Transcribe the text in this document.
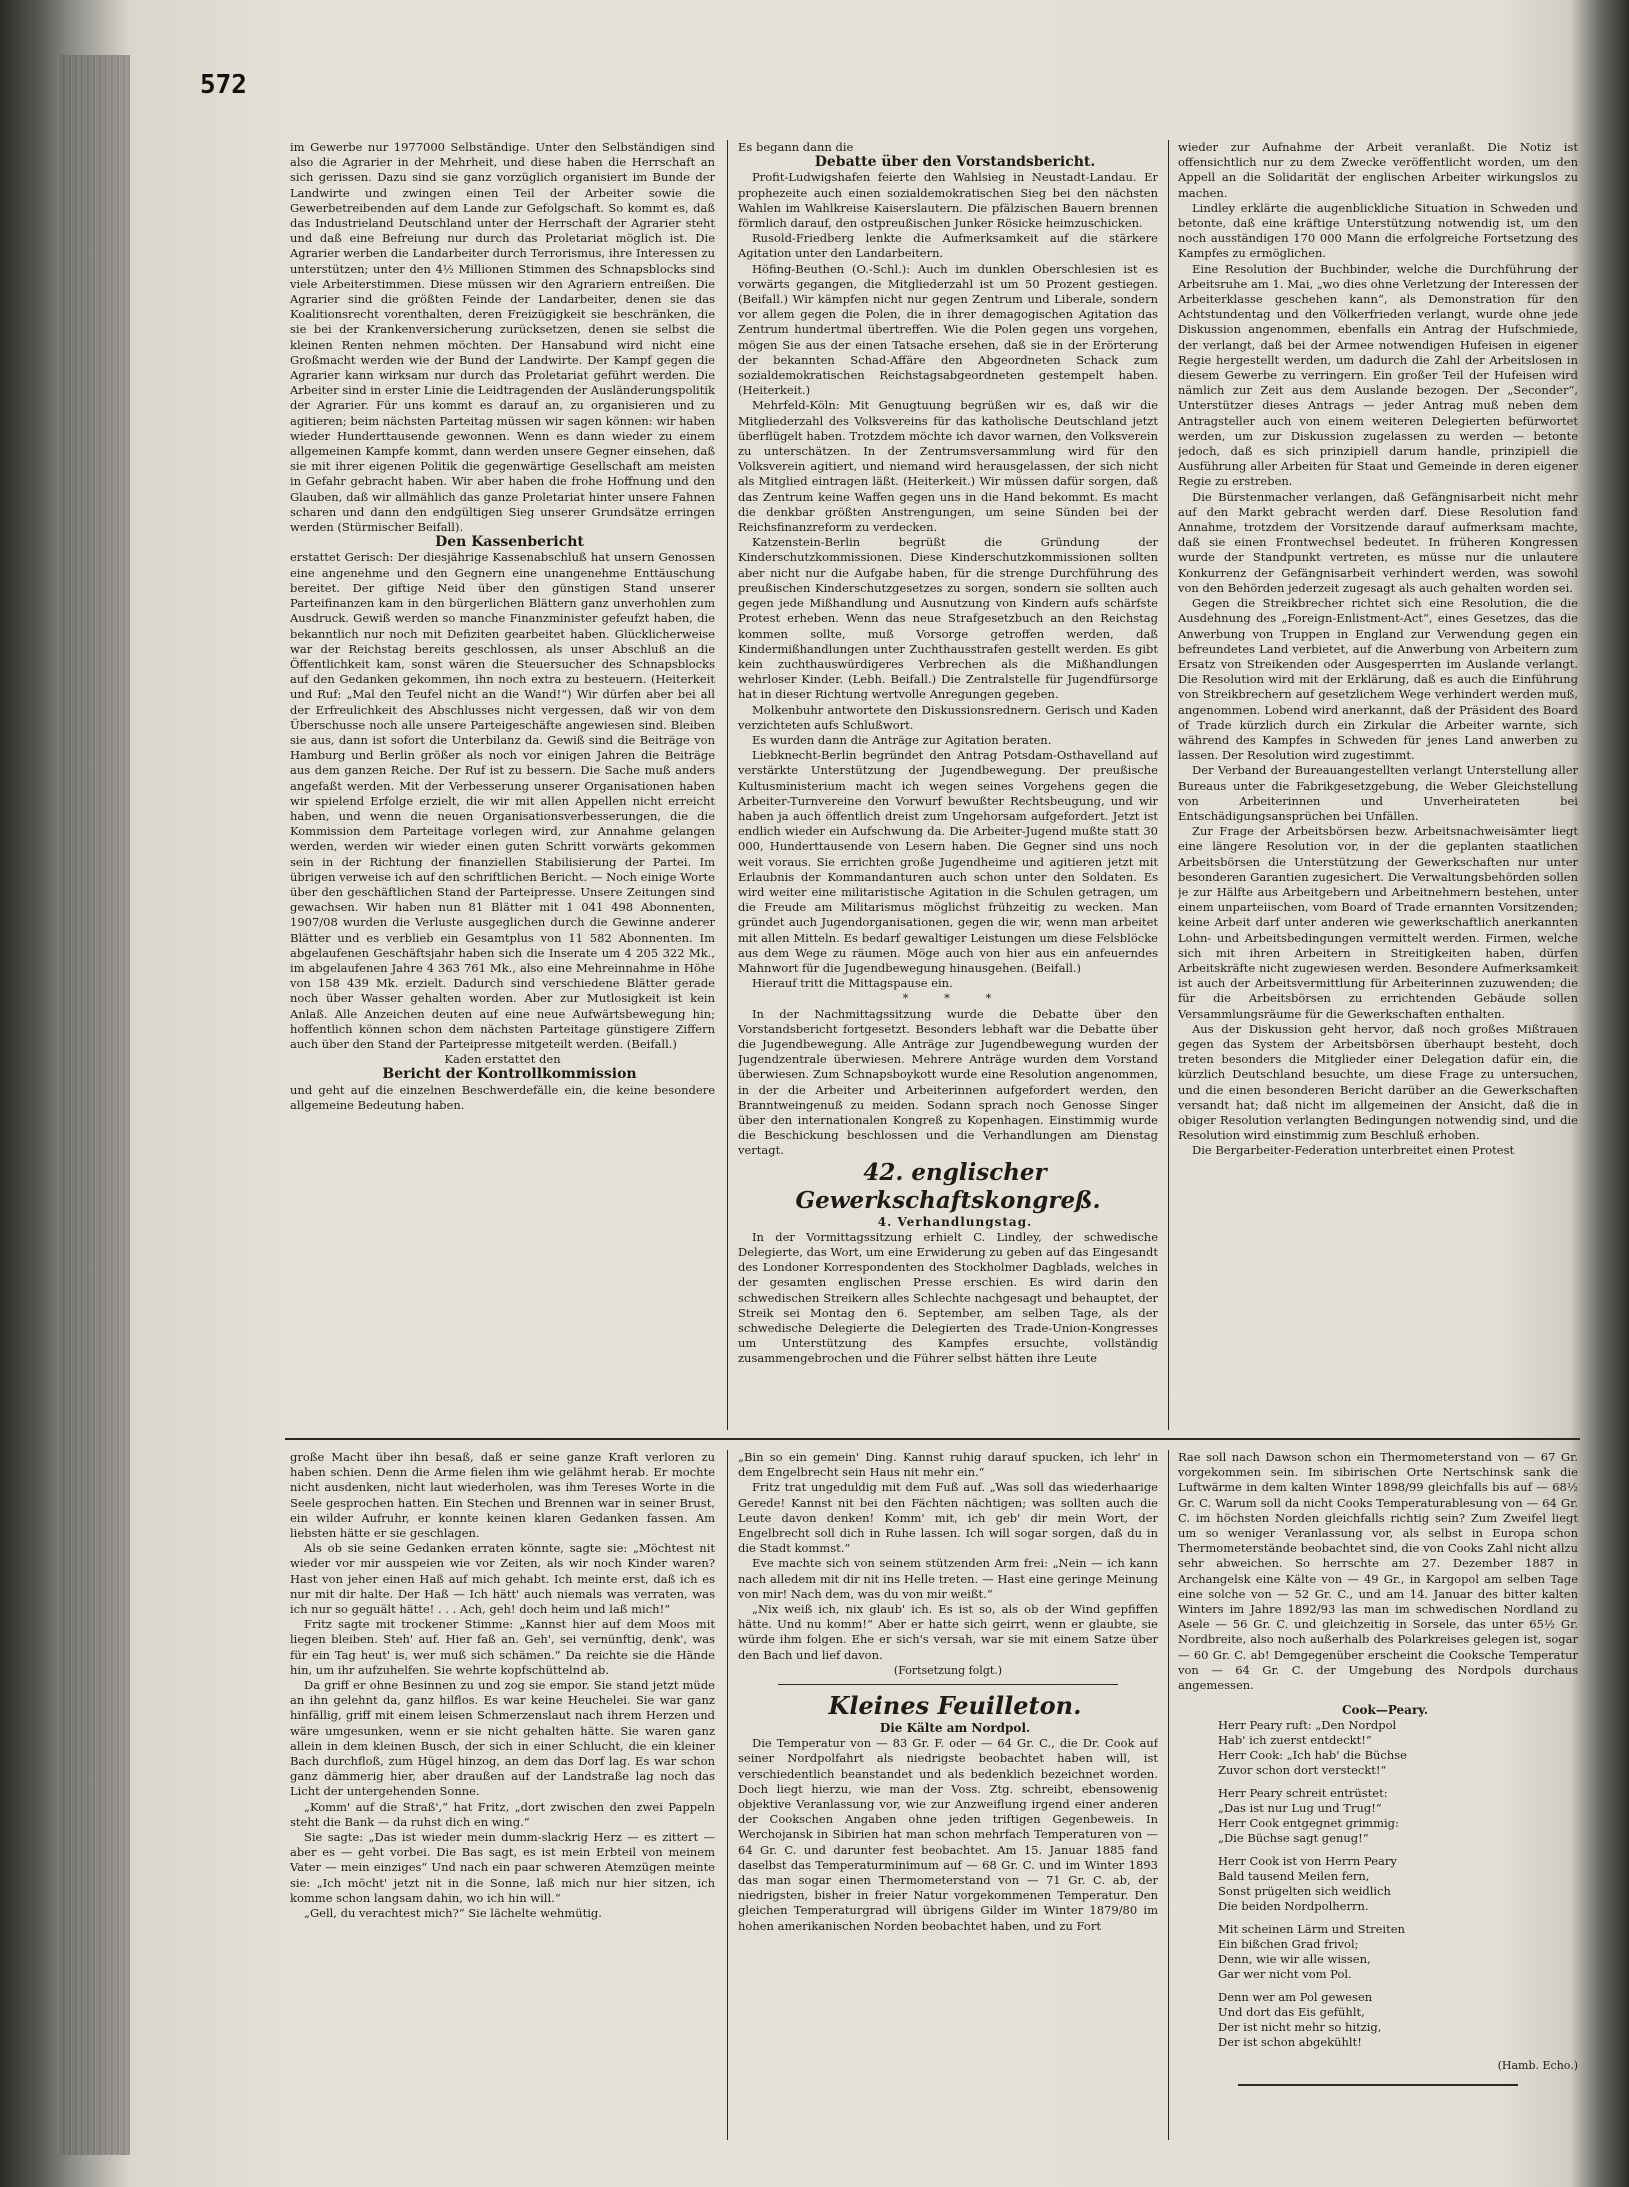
572

im Gewerbe nur 1977000 Selbständige. Unter den Selbständigen sind also die Agrarier in der Mehrheit, und diese haben die Herrschaft an sich gerissen. Dazu sind sie ganz vorzüglich organisiert im Bunde der Landwirte und zwingen einen Teil der Arbeiter sowie die Gewerbetreibenden auf dem Lande zur Gefolgschaft. So kommt es, daß das Industrieland Deutschland unter der Herrschaft der Agrarier steht und daß eine Befreiung nur durch das Proletariat möglich ist. Die Agrarier werben die Landarbeiter durch Terrorismus, ihre Interessen zu unterstützen; unter den 4½ Millionen Stimmen des Schnapsblocks sind viele Arbeiterstimmen. Diese müssen wir den Agrariern entreißen. Die Agrarier sind die größten Feinde der Landarbeiter, denen sie das Koalitionsrecht vorenthalten, deren Freizügigkeit sie beschränken, die sie bei der Krankenversicherung zurücksetzen, denen sie selbst die kleinen Renten nehmen möchten. Der Hansabund wird nicht eine Großmacht werden wie der Bund der Landwirte. Der Kampf gegen die Agrarier kann wirksam nur durch das Proletariat geführt werden. Die Arbeiter sind in erster Linie die Leidtragenden der Ausländerungspolitik der Agrarier. Für uns kommt es darauf an, zu organisieren und zu agitieren; beim nächsten Parteitag müssen wir sagen können: wir haben wieder Hunderttausende gewonnen. Wenn es dann wieder zu einem allgemeinen Kampfe kommt, dann werden unsere Gegner einsehen, daß sie mit ihrer eigenen Politik die gegenwärtige Gesellschaft am meisten in Gefahr gebracht haben. Wir aber haben die frohe Hoffnung und den Glauben, daß wir allmählich das ganze Proletariat hinter unsere Fahnen scharen und dann den endgültigen Sieg unserer Grundsätze erringen werden (Stürmischer Beifall).

Den Kassenbericht

erstattet Gerisch: Der diesjährige Kassenabschluß hat unsern Genossen eine angenehme und den Gegnern eine unangenehme Enttäuschung bereitet. Der giftige Neid über den günstigen Stand unserer Parteifinanzen kam in den bürgerlichen Blättern ganz unverhohlen zum Ausdruck. Gewiß werden so manche Finanzminister gefeufzt haben, die bekanntlich nur noch mit Defiziten gearbeitet haben. Glücklicherweise war der Reichstag bereits geschlossen, als unser Abschluß an die Öffentlichkeit kam, sonst wären die Steuersucher des Schnapsblocks auf den Gedanken gekommen, ihn noch extra zu besteuern. (Heiterkeit und Ruf: „Mal den Teufel nicht an die Wand!“) Wir dürfen aber bei all der Erfreulichkeit des Abschlusses nicht vergessen, daß wir von dem Überschusse noch alle unsere Parteigeschäfte angewiesen sind. Bleiben sie aus, dann ist sofort die Unterbilanz da. Gewiß sind die Beiträge von Hamburg und Berlin größer als noch vor einigen Jahren die Beiträge aus dem ganzen Reiche. Der Ruf ist zu bessern. Die Sache muß anders angefaßt werden. Mit der Verbesserung unserer Organisationen haben wir spielend Erfolge erzielt, die wir mit allen Appellen nicht erreicht haben, und wenn die neuen Organisationsverbesserungen, die die Kommission dem Parteitage vorlegen wird, zur Annahme gelangen werden, werden wir wieder einen guten Schritt vorwärts gekommen sein in der Richtung der finanziellen Stabilisierung der Partei. Im übrigen verweise ich auf den schriftlichen Bericht. — Noch einige Worte über den geschäftlichen Stand der Parteipresse. Unsere Zeitungen sind gewachsen. Wir haben nun 81 Blätter mit 1 041 498 Abonnenten, 1907/08 wurden die Verluste ausgeglichen durch die Gewinne anderer Blätter und es verblieb ein Gesamtplus von 11 582 Abonnenten. Im abgelaufenen Geschäftsjahr haben sich die Inserate um 4 205 322 Mk., im abgelaufenen Jahre 4 363 761 Mk., also eine Mehreinnahme in Höhe von 158 439 Mk. erzielt. Dadurch sind verschiedene Blätter gerade noch über Wasser gehalten worden. Aber zur Mutlosigkeit ist kein Anlaß. Alle Anzeichen deuten auf eine neue Aufwärtsbewegung hin; hoffentlich können schon dem nächsten Parteitage günstigere Ziffern auch über den Stand der Parteipresse mitgeteilt werden. (Beifall.)

Kaden erstattet den

Bericht der Kontrollkommission

und geht auf die einzelnen Beschwerdefälle ein, die keine besondere allgemeine Bedeutung haben.

Es begann dann die

Debatte über den Vorstandsbericht.

Profit-Ludwigshafen feierte den Wahlsieg in Neustadt-Landau. Er prophezeite auch einen sozialdemokratischen Sieg bei den nächsten Wahlen im Wahlkreise Kaiserslautern. Die pfälzischen Bauern brennen förmlich darauf, den ostpreußischen Junker Rösicke heimzuschicken.

Rusold-Friedberg lenkte die Aufmerksamkeit auf die stärkere Agitation unter den Landarbeitern.

Höfing-Beuthen (O.-Schl.): Auch im dunklen Oberschlesien ist es vorwärts gegangen, die Mitgliederzahl ist um 50 Prozent gestiegen. (Beifall.) Wir kämpfen nicht nur gegen Zentrum und Liberale, sondern vor allem gegen die Polen, die in ihrer demagogischen Agitation das Zentrum hundertmal übertreffen. Wie die Polen gegen uns vorgehen, mögen Sie aus der einen Tatsache ersehen, daß sie in der Erörterung der bekannten Schad-Affäre den Abgeordneten Schack zum sozialdemokratischen Reichstagsabgeordneten gestempelt haben. (Heiterkeit.)

Mehrfeld-Köln: Mit Genugtuung begrüßen wir es, daß wir die Mitgliederzahl des Volksvereins für das katholische Deutschland jetzt überflügelt haben. Trotzdem möchte ich davor warnen, den Volksverein zu unterschätzen. In der Zentrumsversammlung wird für den Volksverein agitiert, und niemand wird herausgelassen, der sich nicht als Mitglied eintragen läßt. (Heiterkeit.) Wir müssen dafür sorgen, daß das Zentrum keine Waffen gegen uns in die Hand bekommt. Es macht die denkbar größten Anstrengungen, um seine Sünden bei der Reichsfinanzreform zu verdecken.

Katzenstein-Berlin begrüßt die Gründung der Kinderschutzkommissionen. Diese Kinderschutzkommissionen sollten aber nicht nur die Aufgabe haben, für die strenge Durchführung des preußischen Kinderschutzgesetzes zu sorgen, sondern sie sollten auch gegen jede Mißhandlung und Ausnutzung von Kindern aufs schärfste Protest erheben. Wenn das neue Strafgesetzbuch an den Reichstag kommen sollte, muß Vorsorge getroffen werden, daß Kindermißhandlungen unter Zuchthausstrafen gestellt werden. Es gibt kein zuchthauswürdigeres Verbrechen als die Mißhandlungen wehrloser Kinder. (Lebh. Beifall.) Die Zentralstelle für Jugendfürsorge hat in dieser Richtung wertvolle Anregungen gegeben.

Molkenbuhr antwortete den Diskussionsrednern. Gerisch und Kaden verzichteten aufs Schlußwort.

Es wurden dann die Anträge zur Agitation beraten.

Liebknecht-Berlin begründet den Antrag Potsdam-Osthavelland auf verstärkte Unterstützung der Jugendbewegung. Der preußische Kultusministerium macht ich wegen seines Vorgehens gegen die Arbeiter-Turnvereine den Vorwurf bewußter Rechtsbeugung, und wir haben ja auch öffentlich dreist zum Ungehorsam aufgefordert. Jetzt ist endlich wieder ein Aufschwung da. Die Arbeiter-Jugend mußte statt 30 000, Hunderttausende von Lesern haben. Die Gegner sind uns noch weit voraus. Sie errichten große Jugendheime und agitieren jetzt mit Erlaubnis der Kommandanturen auch schon unter den Soldaten. Es wird weiter eine militaristische Agitation in die Schulen getragen, um die Freude am Militarismus möglichst frühzeitig zu wecken. Man gründet auch Jugendorganisationen, gegen die wir, wenn man arbeitet mit allen Mitteln. Es bedarf gewaltiger Leistungen um diese Felsblöcke aus dem Wege zu räumen. Möge auch von hier aus ein anfeuerndes Mahnwort für die Jugendbewegung hinausgehen. (Beifall.)

Hierauf tritt die Mittagspause ein.

* * *

In der Nachmittagssitzung wurde die Debatte über den Vorstandsbericht fortgesetzt. Besonders lebhaft war die Debatte über die Jugendbewegung. Alle Anträge zur Jugendbewegung wurden der Jugendzentrale überwiesen. Mehrere Anträge wurden dem Vorstand überwiesen. Zum Schnapsboykott wurde eine Resolution angenommen, in der die Arbeiter und Arbeiterinnen aufgefordert werden, den Branntweingenuß zu meiden. Sodann sprach noch Genosse Singer über den internationalen Kongreß zu Kopenhagen. Einstimmig wurde die Beschickung beschlossen und die Verhandlungen am Dienstag vertagt.

42. englischer Gewerkschaftskongreß.

4. Verhandlungstag.

In der Vormittagssitzung erhielt C. Lindley, der schwedische Delegierte, das Wort, um eine Erwiderung zu geben auf das Eingesandt des Londoner Korrespondenten des Stockholmer Dagblads, welches in der gesamten englischen Presse erschien. Es wird darin den schwedischen Streikern alles Schlechte nachgesagt und behauptet, der Streik sei Montag den 6. September, am selben Tage, als der schwedische Delegierte die Delegierten des Trade-Union-Kongresses um Unterstützung des Kampfes ersuchte, vollständig zusammengebrochen und die Führer selbst hätten ihre Leute

wieder zur Aufnahme der Arbeit veranlaßt. Die Notiz ist offensichtlich nur zu dem Zwecke veröffentlicht worden, um den Appell an die Solidarität der englischen Arbeiter wirkungslos zu machen.

Lindley erklärte die augenblickliche Situation in Schweden und betonte, daß eine kräftige Unterstützung notwendig ist, um den noch ausständigen 170 000 Mann die erfolgreiche Fortsetzung des Kampfes zu ermöglichen.

Eine Resolution der Buchbinder, welche die Durchführung der Arbeitsruhe am 1. Mai, „wo dies ohne Verletzung der Interessen der Arbeiterklasse geschehen kann“, als Demonstration für den Achtstundentag und den Völkerfrieden verlangt, wurde ohne jede Diskussion angenommen, ebenfalls ein Antrag der Hufschmiede, der verlangt, daß bei der Armee notwendigen Hufeisen in eigener Regie hergestellt werden, um dadurch die Zahl der Arbeitslosen in diesem Gewerbe zu verringern. Ein großer Teil der Hufeisen wird nämlich zur Zeit aus dem Auslande bezogen. Der „Seconder“, Unterstützer dieses Antrags — jeder Antrag muß neben dem Antragsteller auch von einem weiteren Delegierten befürwortet werden, um zur Diskussion zugelassen zu werden — betonte jedoch, daß es sich prinzipiell darum handle, prinzipiell die Ausführung aller Arbeiten für Staat und Gemeinde in deren eigener Regie zu erstreben.

Die Bürstenmacher verlangen, daß Gefängnisarbeit nicht mehr auf den Markt gebracht werden darf. Diese Resolution fand Annahme, trotzdem der Vorsitzende darauf aufmerksam machte, daß sie einen Frontwechsel bedeutet. In früheren Kongressen wurde der Standpunkt vertreten, es müsse nur die unlautere Konkurrenz der Gefängnisarbeit verhindert werden, was sowohl von den Behörden jederzeit zugesagt als auch gehalten worden sei.

Gegen die Streikbrecher richtet sich eine Resolution, die die Ausdehnung des „Foreign-Enlistment-Act“, eines Gesetzes, das die Anwerbung von Truppen in England zur Verwendung gegen ein befreundetes Land verbietet, auf die Anwerbung von Arbeitern zum Ersatz von Streikenden oder Ausgesperrten im Auslande verlangt. Die Resolution wird mit der Erklärung, daß es auch die Einführung von Streikbrechern auf gesetzlichem Wege verhindert werden muß, angenommen. Lobend wird anerkannt, daß der Präsident des Board of Trade kürzlich durch ein Zirkular die Arbeiter warnte, sich während des Kampfes in Schweden für jenes Land anwerben zu lassen. Der Resolution wird zugestimmt.

Der Verband der Bureauangestellten verlangt Unterstellung aller Bureaus unter die Fabrikgesetzgebung, die Weber Gleichstellung von Arbeiterinnen und Unverheirateten bei Entschädigungsansprüchen bei Unfällen.

Zur Frage der Arbeitsbörsen bezw. Arbeitsnachweisämter liegt eine längere Resolution vor, in der die geplanten staatlichen Arbeitsbörsen die Unterstützung der Gewerkschaften nur unter besonderen Garantien zugesichert. Die Verwaltungsbehörden sollen je zur Hälfte aus Arbeitgebern und Arbeitnehmern bestehen, unter einem unparteiischen, vom Board of Trade ernannten Vorsitzenden; keine Arbeit darf unter anderen wie gewerkschaftlich anerkannten Lohn- und Arbeitsbedingungen vermittelt werden. Firmen, welche sich mit ihren Arbeitern in Streitigkeiten haben, dürfen Arbeitskräfte nicht zugewiesen werden. Besondere Aufmerksamkeit ist auch der Arbeitsvermittlung für Arbeiterinnen zuzuwenden; die für die Arbeitsbörsen zu errichtenden Gebäude sollen Versammlungsräume für die Gewerkschaften enthalten.

Aus der Diskussion geht hervor, daß noch großes Mißtrauen gegen das System der Arbeitsbörsen überhaupt besteht, doch treten besonders die Mitglieder einer Delegation dafür ein, die kürzlich Deutschland besuchte, um diese Frage zu untersuchen, und die einen besonderen Bericht darüber an die Gewerkschaften versandt hat; daß nicht im allgemeinen der Ansicht, daß die in obiger Resolution verlangten Bedingungen notwendig sind, und die Resolution wird einstimmig zum Beschluß erhoben.

Die Bergarbeiter-Federation unterbreitet einen Protest

große Macht über ihn besaß, daß er seine ganze Kraft verloren zu haben schien. Denn die Arme fielen ihm wie gelähmt herab. Er mochte nicht ausdenken, nicht laut wiederholen, was ihm Tereses Worte in die Seele gesprochen hatten. Ein Stechen und Brennen war in seiner Brust, ein wilder Aufruhr, er konnte keinen klaren Gedanken fassen. Am liebsten hätte er sie geschlagen.

Als ob sie seine Gedanken erraten könnte, sagte sie: „Möchtest nit wieder vor mir ausspeien wie vor Zeiten, als wir noch Kinder waren? Hast von jeher einen Haß auf mich gehabt. Ich meinte erst, daß ich es nur mit dir halte. Der Haß — Ich hätt' auch niemals was verraten, was ich nur so geguält hätte! . . . Ach, geh! doch heim und laß mich!“

Fritz sagte mit trockener Stimme: „Kannst hier auf dem Moos mit liegen bleiben. Steh' auf. Hier faß an. Geh', sei vernünftig, denk', was für ein Tag heut' is, wer muß sich schämen.“ Da reichte sie die Hände hin, um ihr aufzuhelfen. Sie wehrte kopfschüttelnd ab.

Da griff er ohne Besinnen zu und zog sie empor. Sie stand jetzt müde an ihn gelehnt da, ganz hilflos. Es war keine Heuchelei. Sie war ganz hinfällig, griff mit einem leisen Schmerzenslaut nach ihrem Herzen und wäre umgesunken, wenn er sie nicht gehalten hätte. Sie waren ganz allein in dem kleinen Busch, der sich in einer Schlucht, die ein kleiner Bach durchfloß, zum Hügel hinzog, an dem das Dorf lag. Es war schon ganz dämmerig hier, aber draußen auf der Landstraße lag noch das Licht der untergehenden Sonne.

„Komm' auf die Straß',“ hat Fritz, „dort zwischen den zwei Pappeln steht die Bank — da ruhst dich en wing.“

Sie sagte: „Das ist wieder mein dumm-slackrig Herz — es zittert — aber es — geht vorbei. Die Bas sagt, es ist mein Erbteil von meinem Vater — mein einziges“ Und nach ein paar schweren Atemzügen meinte sie: „Ich möcht' jetzt nit in die Sonne, laß mich nur hier sitzen, ich komme schon langsam dahin, wo ich hin will.“

„Gell, du verachtest mich?“ Sie lächelte wehmütig.

„Bin so ein gemein' Ding. Kannst ruhig darauf spucken, ich lehr' in dem Engelbrecht sein Haus nit mehr ein.“

Fritz trat ungeduldig mit dem Fuß auf. „Was soll das wiederhaarige Gerede! Kannst nit bei den Fächten nächtigen; was sollten auch die Leute davon denken! Komm' mit, ich geb' dir mein Wort, der Engelbrecht soll dich in Ruhe lassen. Ich will sogar sorgen, daß du in die Stadt kommst.“

Eve machte sich von seinem stützenden Arm frei: „Nein — ich kann nach alledem mit dir nit ins Helle treten. — Hast eine geringe Meinung von mir! Nach dem, was du von mir weißt.“

„Nix weiß ich, nix glaub' ich. Es ist so, als ob der Wind gepfiffen hätte. Und nu komm!“ Aber er hatte sich geirrt, wenn er glaubte, sie würde ihm folgen. Ehe er sich's versah, war sie mit einem Satze über den Bach und lief davon.

(Fortsetzung folgt.)

Kleines Feuilleton.

Die Kälte am Nordpol.

Die Temperatur von — 83 Gr. F. oder — 64 Gr. C., die Dr. Cook auf seiner Nordpolfahrt als niedrigste beobachtet haben will, ist verschiedentlich beanstandet und als bedenklich bezeichnet worden. Doch liegt hierzu, wie man der Voss. Ztg. schreibt, ebensowenig objektive Veranlassung vor, wie zur Anzweiflung irgend einer anderen der Cookschen Angaben ohne jeden triftigen Gegenbeweis. In Werchojansk in Sibirien hat man schon mehrfach Temperaturen von — 64 Gr. C. und darunter fest beobachtet. Am 15. Januar 1885 fand daselbst das Temperaturminimum auf — 68 Gr. C. und im Winter 1893 das man sogar einen Thermometerstand von — 71 Gr. C. ab, der niedrigsten, bisher in freier Natur vorgekommenen Temperatur. Den gleichen Temperaturgrad will übrigens Gilder im Winter 1879/80 im hohen amerikanischen Norden beobachtet haben, und zu Fort

Rae soll nach Dawson schon ein Thermometerstand von — 67 Gr. vorgekommen sein. Im sibirischen Orte Nertschinsk sank die Luftwärme in dem kalten Winter 1898/99 gleichfalls bis auf — 68½ Gr. C. Warum soll da nicht Cooks Temperaturablesung von — 64 Gr. C. im höchsten Norden gleichfalls richtig sein? Zum Zweifel liegt um so weniger Veranlassung vor, als selbst in Europa schon Thermometerstände beobachtet sind, die von Cooks Zahl nicht allzu sehr abweichen. So herrschte am 27. Dezember 1887 in Archangelsk eine Kälte von — 49 Gr., in Kargopol am selben Tage eine solche von — 52 Gr. C., und am 14. Januar des bitter kalten Winters im Jahre 1892/93 las man im schwedischen Nordland zu Asele — 56 Gr. C. und gleichzeitig in Sorsele, das unter 65½ Gr. Nordbreite, also noch außerhalb des Polarkreises gelegen ist, sogar — 60 Gr. C. ab! Demgegenüber erscheint die Cooksche Temperatur von — 64 Gr. C. der Umgebung des Nordpols durchaus angemessen.

Cook—Peary.

Herr Peary ruft: „Den Nordpol
Hab' ich zuerst entdeckt!“
Herr Cook: „Ich hab' die Büchse
Zuvor schon dort versteckt!“
Herr Peary schreit entrüstet:
„Das ist nur Lug und Trug!“
Herr Cook entgegnet grimmig:
„Die Büchse sagt genug!“
Herr Cook ist von Herrn Peary
Bald tausend Meilen fern,
Sonst prügelten sich weidlich
Die beiden Nordpolherrn.
Mit scheinen Lärm und Streiten
Ein bißchen Grad frivol;
Denn, wie wir alle wissen,
Gar wer nicht vom Pol.
Denn wer am Pol gewesen
Und dort das Eis gefühlt,
Der ist nicht mehr so hitzig,
Der ist schon abgekühlt!

(Hamb. Echo.)
